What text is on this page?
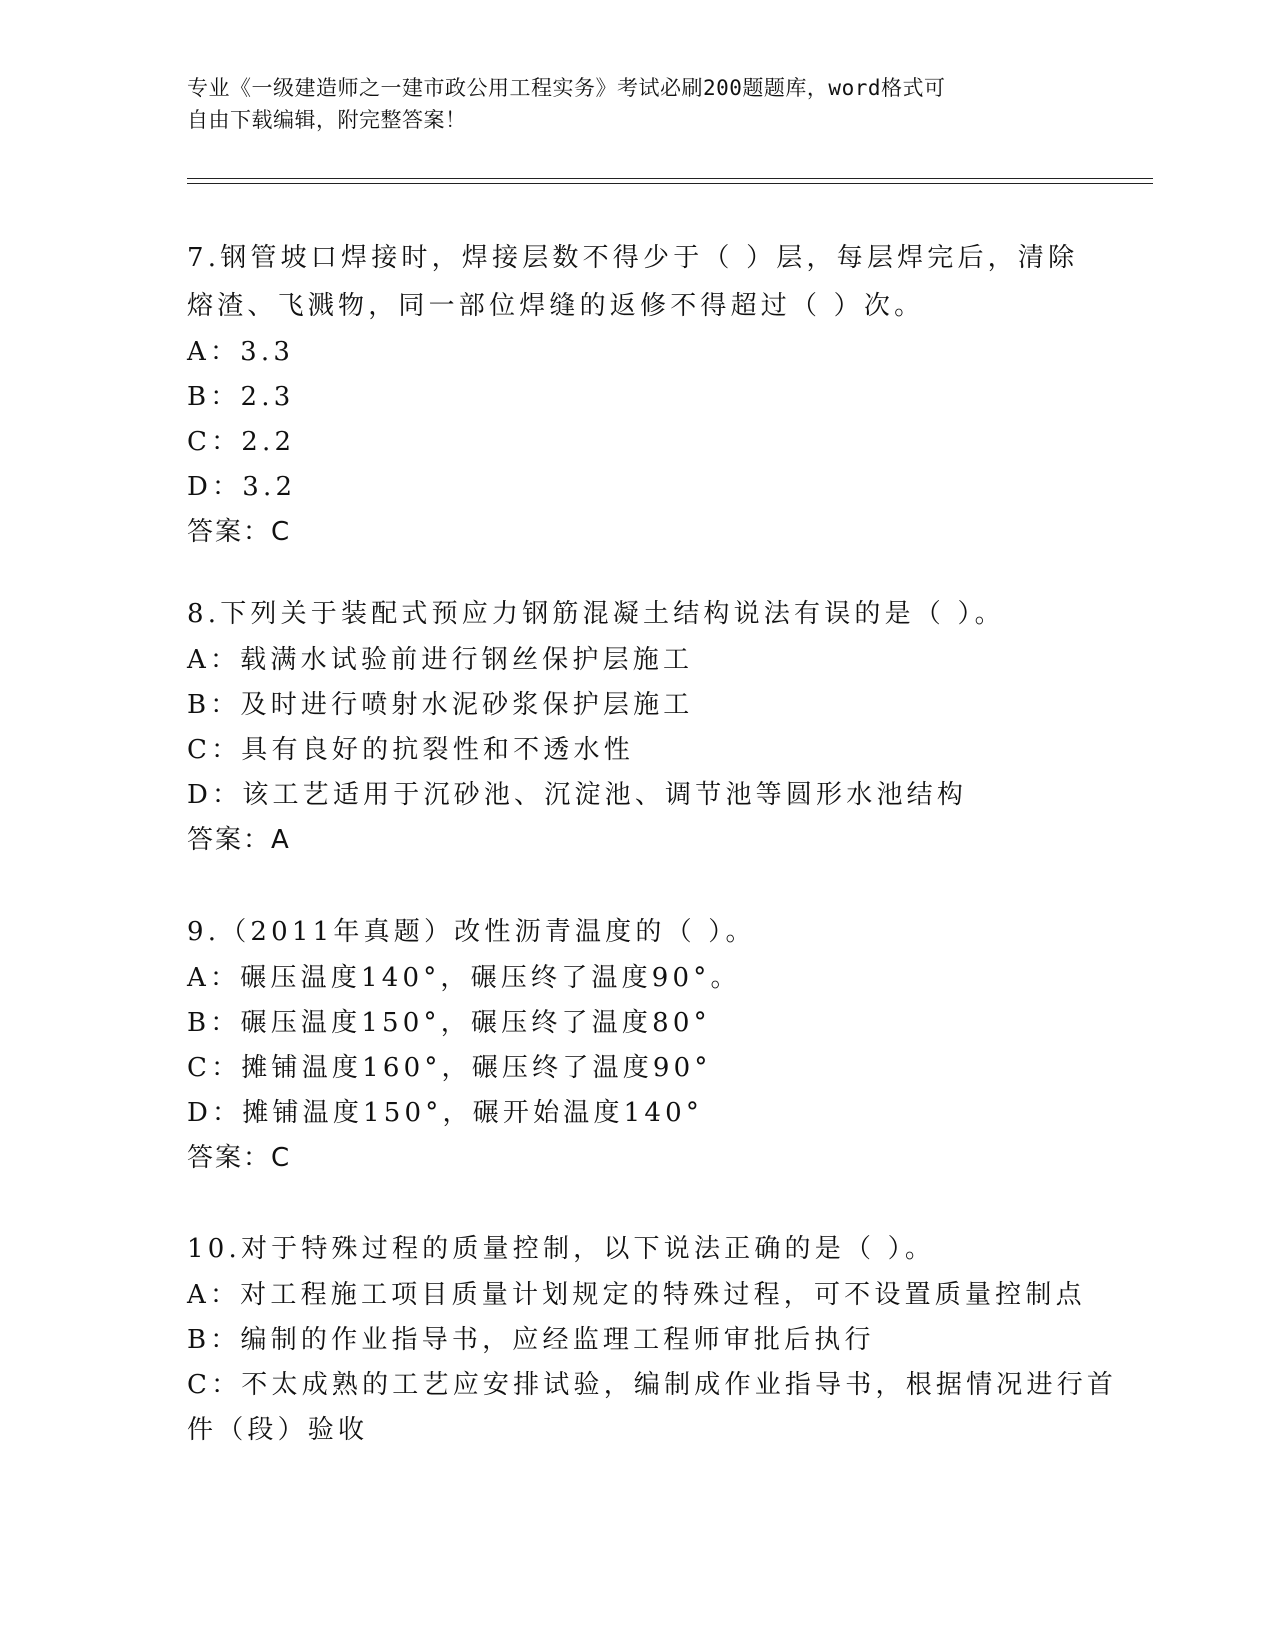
专业《一级建造师之一建市政公用工程实务》考试必刷200题题库，word格式可
自由下载编辑，附完整答案！
7.钢管坡口焊接时，焊接层数不得少于（ ）层，每层焊完后，清除
熔渣、飞溅物，同一部位焊缝的返修不得超过（ ）次。
A：3.3
B：2.3
C：2.2
D：3.2
答案：C
8.下列关于装配式预应力钢筋混凝土结构说法有误的是（ ）。
A：载满水试验前进行钢丝保护层施工
B：及时进行喷射水泥砂浆保护层施工
C：具有良好的抗裂性和不透水性
D：该工艺适用于沉砂池、沉淀池、调节池等圆形水池结构
答案：A
9.（2011年真题）改性沥青温度的（ ）。
A：碾压温度140°，碾压终了温度90°。
B：碾压温度150°，碾压终了温度80°
C：摊铺温度160°，碾压终了温度90°
D：摊铺温度150°，碾开始温度140°
答案：C
10.对于特殊过程的质量控制，以下说法正确的是（ ）。
A：对工程施工项目质量计划规定的特殊过程，可不设置质量控制点
B：编制的作业指导书，应经监理工程师审批后执行
C：不太成熟的工艺应安排试验，编制成作业指导书，根据情况进行首
件（段）验收
